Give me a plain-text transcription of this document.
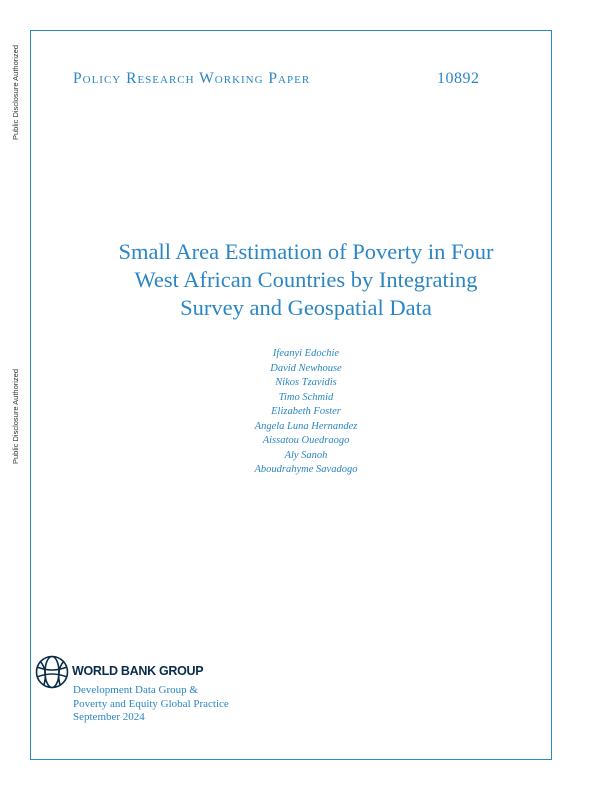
Public Disclosure Authorized
Public Disclosure Authorized
Policy Research Working Paper	10892
Small Area Estimation of Poverty in Four
West African Countries by Integrating
Survey and Geospatial Data
Ifeanyi Edochie
David Newhouse
Nikos Tzavidis
Timo Schmid
Elizabeth Foster
Angela Luna Hernandez
Aissatou Ouedraogo
Aly Sanoh
Aboudrahyme Savadogo
WORLD BANK GROUP
Development Data Group &
Poverty and Equity Global Practice
September 2024
